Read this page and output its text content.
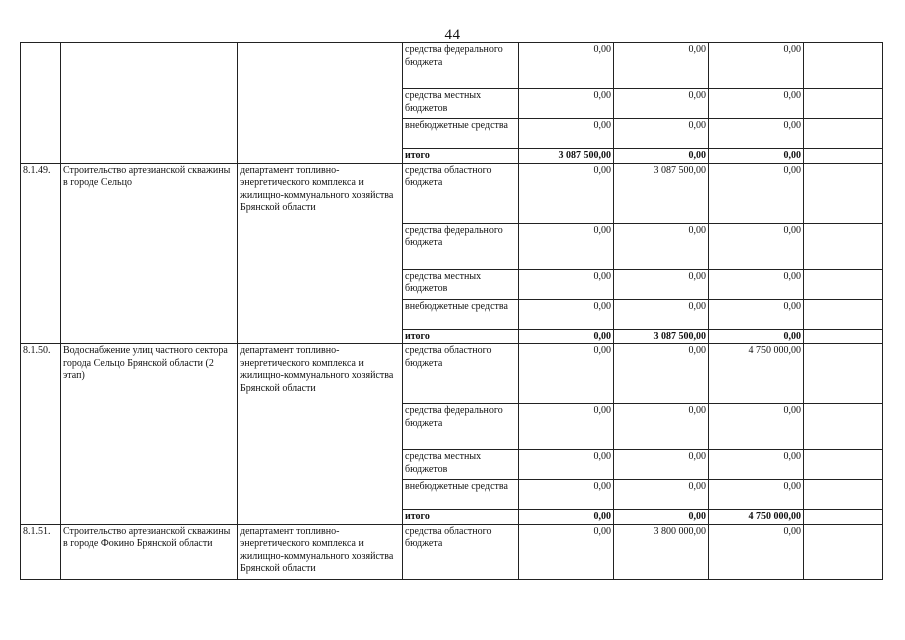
44
			средства федерального бюджета	0,00	0,00	0,00	
			средства местных бюджетов	0,00	0,00	0,00	
			внебюджетные средства	0,00	0,00	0,00	
			итого	3 087 500,00	0,00	0,00	
8.1.49.	Строительство артезианской скважины в городе Сельцо	департамент топливно-энергетического комплекса и жилищно-коммунального хозяйства Брянской области	средства областного бюджета	0,00	3 087 500,00	0,00	
			средства федерального бюджета	0,00	0,00	0,00	
			средства местных бюджетов	0,00	0,00	0,00	
			внебюджетные средства	0,00	0,00	0,00	
			итого	0,00	3 087 500,00	0,00	
8.1.50.	Водоснабжение улиц частного сектора города Сельцо Брянской области (2 этап)	департамент топливно-энергетического комплекса и жилищно-коммунального хозяйства Брянской области	средства областного бюджета	0,00	0,00	4 750 000,00	
			средства федерального бюджета	0,00	0,00	0,00	
			средства местных бюджетов	0,00	0,00	0,00	
			внебюджетные средства	0,00	0,00	0,00	
			итого	0,00	0,00	4 750 000,00	
8.1.51.	Строительство артезианской скважины в городе Фокино Брянской области	департамент топливно-энергетического комплекса и жилищно-коммунального хозяйства Брянской области	средства областного бюджета	0,00	3 800 000,00	0,00	
